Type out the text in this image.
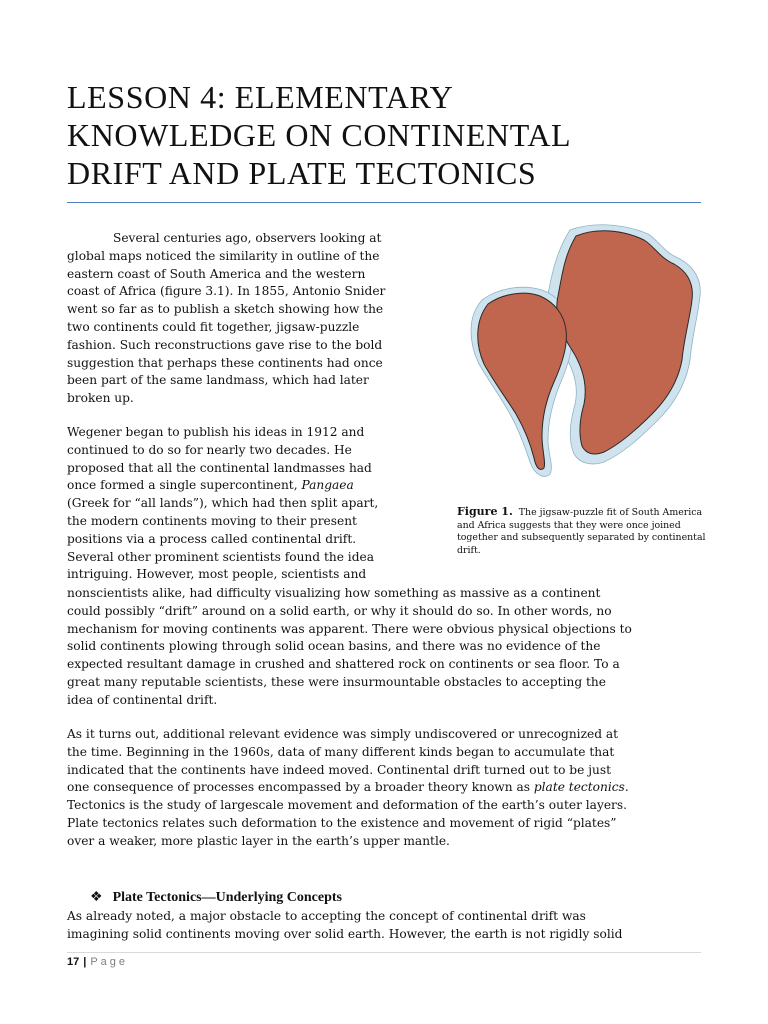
LESSON 4: ELEMENTARY
KNOWLEDGE ON CONTINENTAL
DRIFT AND PLATE TECTONICS
Several centuries ago, observers looking at
global maps noticed the similarity in outline of the
eastern coast of South America and the western
coast of Africa (figure 3.1). In 1855, Antonio Snider
went so far as to publish a sketch showing how the
two continents could fit together, jigsaw-puzzle
fashion. Such reconstructions gave rise to the bold
suggestion that perhaps these continents had once
been part of the same landmass, which had later
broken up.
Wegener began to publish his ideas in 1912 and
continued to do so for nearly two decades. He
proposed that all the continental landmasses had
once formed a single supercontinent, Pangaea
(Greek for “all lands”), which had then split apart,
the modern continents moving to their present
positions via a process called continental drift.
Several other prominent scientists found the idea
intriguing. However, most people, scientists and
Figure 1. The jigsaw-puzzle fit of South America and Africa suggests that they were once joined together and subsequently separated by continental drift.
nonscientists alike, had difficulty visualizing how something as massive as a continent
could possibly “drift” around on a solid earth, or why it should do so. In other words, no
mechanism for moving continents was apparent. There were obvious physical objections to
solid continents plowing through solid ocean basins, and there was no evidence of the
expected resultant damage in crushed and shattered rock on continents or sea floor. To a
great many reputable scientists, these were insurmountable obstacles to accepting the
idea of continental drift.
As it turns out, additional relevant evidence was simply undiscovered or unrecognized at
the time. Beginning in the 1960s, data of many different kinds began to accumulate that
indicated that the continents have indeed moved. Continental drift turned out to be just
one consequence of processes encompassed by a broader theory known as plate tectonics.
Tectonics is the study of largescale movement and deformation of the earth’s outer layers.
Plate tectonics relates such deformation to the existence and movement of rigid “plates”
over a weaker, more plastic layer in the earth’s upper mantle.
❖ Plate Tectonics—Underlying Concepts
As already noted, a major obstacle to accepting the concept of continental drift was
imagining solid continents moving over solid earth. However, the earth is not rigidly solid
17 | Page
